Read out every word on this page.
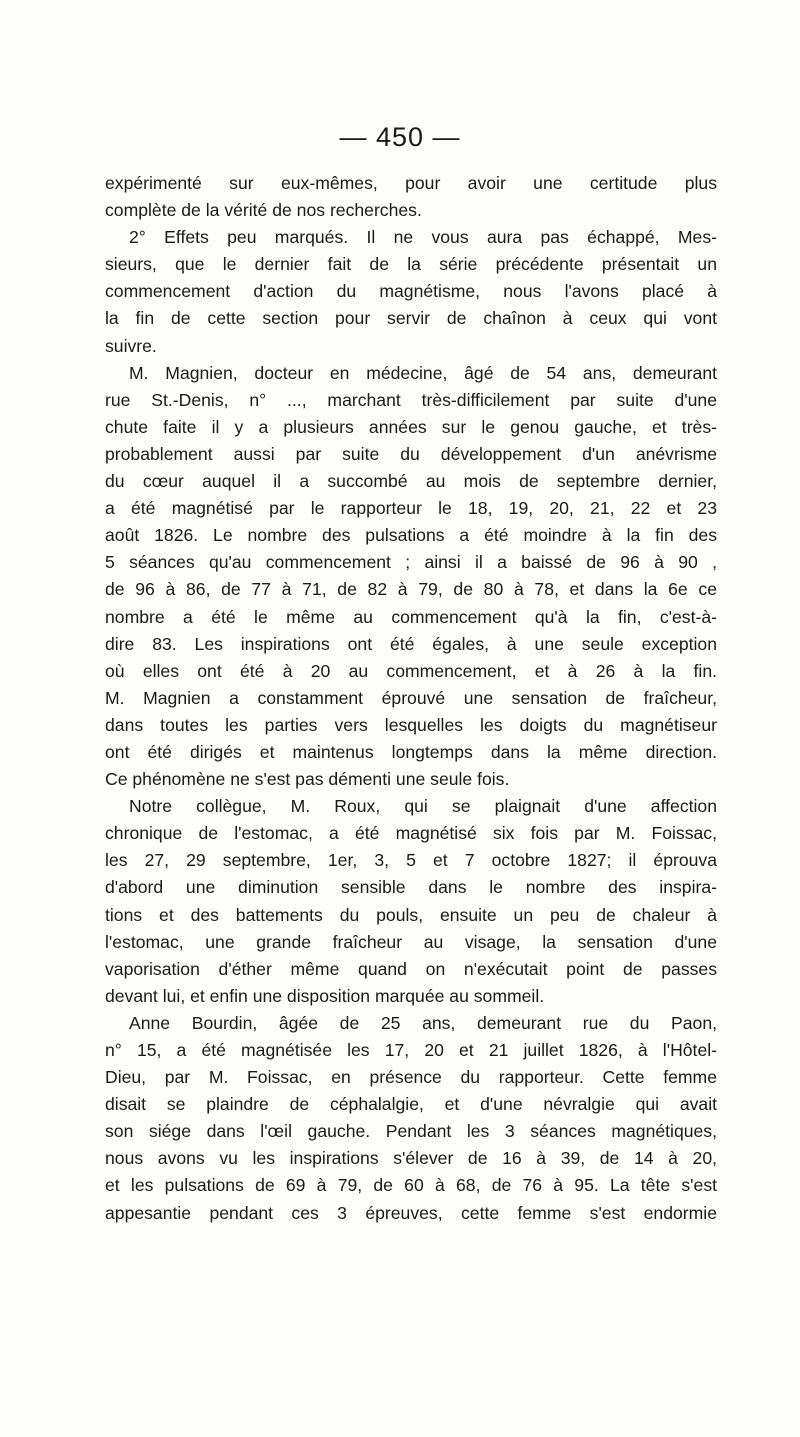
— 450 —
expérimenté sur eux-mêmes, pour avoir une certitude plus
complète de la vérité de nos recherches.
2° Effets peu marqués. Il ne vous aura pas échappé, Mes-
sieurs, que le dernier fait de la série précédente présentait un
commencement d'action du magnétisme, nous l'avons placé à
la fin de cette section pour servir de chaînon à ceux qui vont
suivre.
M. Magnien, docteur en médecine, âgé de 54 ans, demeurant
rue St.-Denis, n° ..., marchant très-difficilement par suite d'une
chute faite il y a plusieurs années sur le genou gauche, et très-
probablement aussi par suite du développement d'un anévrisme
du cœur auquel il a succombé au mois de septembre dernier,
a été magnétisé par le rapporteur le 18, 19, 20, 21, 22 et 23
août 1826. Le nombre des pulsations a été moindre à la fin des
5 séances qu'au commencement ; ainsi il a baissé de 96 à 90 ,
de 96 à 86, de 77 à 71, de 82 à 79, de 80 à 78, et dans la 6e ce
nombre a été le même au commencement qu'à la fin, c'est-à-
dire 83. Les inspirations ont été égales, à une seule exception
où elles ont été à 20 au commencement, et à 26 à la fin.
M. Magnien a constamment éprouvé une sensation de fraîcheur,
dans toutes les parties vers lesquelles les doigts du magnétiseur
ont été dirigés et maintenus longtemps dans la même direction.
Ce phénomène ne s'est pas démenti une seule fois.
Notre collègue, M. Roux, qui se plaignait d'une affection
chronique de l'estomac, a été magnétisé six fois par M. Foissac,
les 27, 29 septembre, 1er, 3, 5 et 7 octobre 1827; il éprouva
d'abord une diminution sensible dans le nombre des inspira-
tions et des battements du pouls, ensuite un peu de chaleur à
l'estomac, une grande fraîcheur au visage, la sensation d'une
vaporisation d'éther même quand on n'exécutait point de passes
devant lui, et enfin une disposition marquée au sommeil.
Anne Bourdin, âgée de 25 ans, demeurant rue du Paon,
n° 15, a été magnétisée les 17, 20 et 21 juillet 1826, à l'Hôtel-
Dieu, par M. Foissac, en présence du rapporteur. Cette femme
disait se plaindre de céphalalgie, et d'une névralgie qui avait
son siége dans l'œil gauche. Pendant les 3 séances magnétiques,
nous avons vu les inspirations s'élever de 16 à 39, de 14 à 20,
et les pulsations de 69 à 79, de 60 à 68, de 76 à 95. La tête s'est
appesantie pendant ces 3 épreuves, cette femme s'est endormie
